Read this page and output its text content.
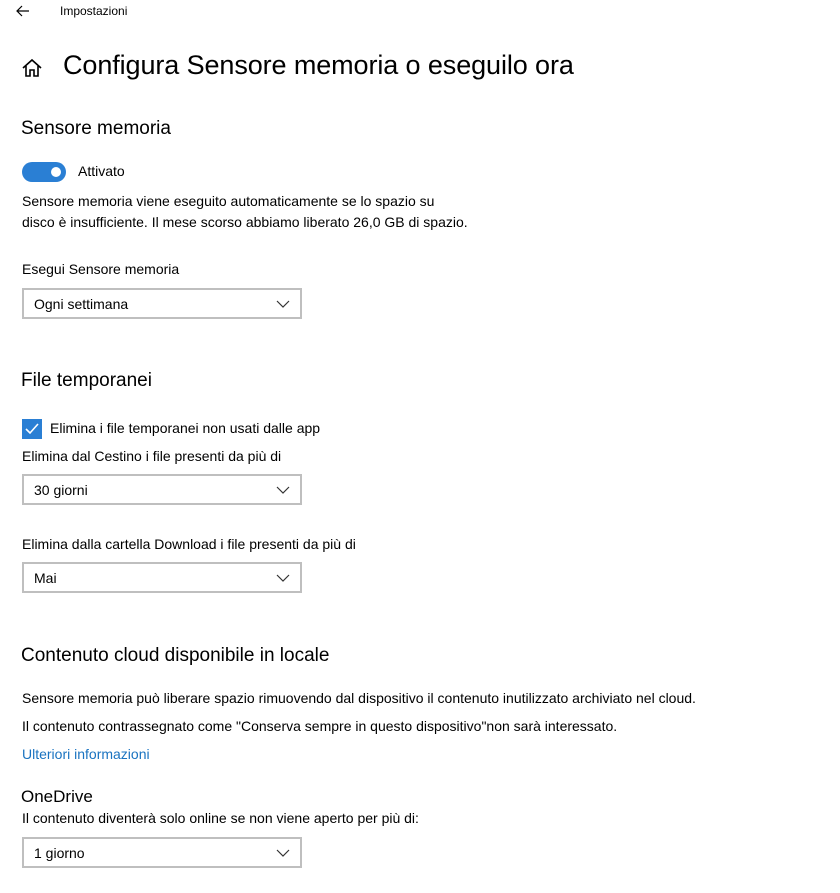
Impostazioni
Configura Sensore memoria o eseguilo ora
Sensore memoria
Attivato
Sensore memoria viene eseguito automaticamente se lo spazio su disco è insufficiente. Il mese scorso abbiamo liberato 26,0 GB di spazio.
Esegui Sensore memoria
Ogni settimana
File temporanei
Elimina i file temporanei non usati dalle app
Elimina dal Cestino i file presenti da più di
30 giorni
Elimina dalla cartella Download i file presenti da più di
Mai
Contenuto cloud disponibile in locale
Sensore memoria può liberare spazio rimuovendo dal dispositivo il contenuto inutilizzato archiviato nel cloud.
Il contenuto contrassegnato come "Conserva sempre in questo dispositivo"non sarà interessato.
Ulteriori informazioni
OneDrive
Il contenuto diventerà solo online se non viene aperto per più di:
1 giorno
